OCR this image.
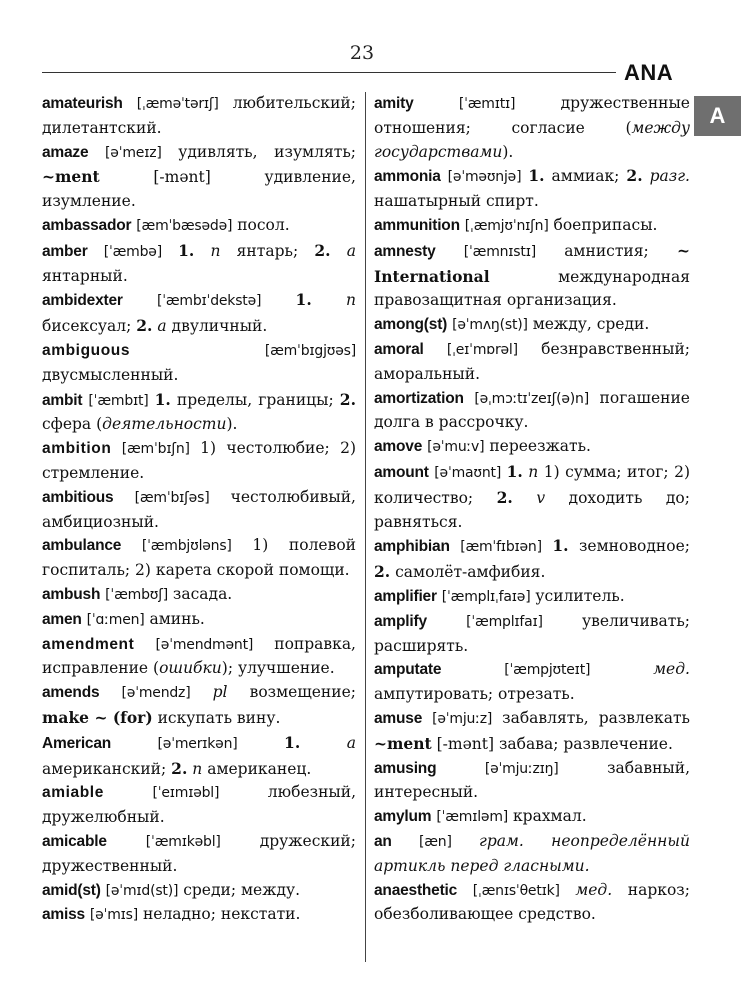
23
ANA
A

amateurish [ˌæməˈtərɪʃ] любительский; дилетантский.

amaze [əˈmeɪz] удивлять, изумлять; ~ment [-mənt] удивление, изумление.

ambassador [æmˈbæsədə] посол.

amber [ˈæmbə] 1. n янтарь; 2. a янтарный.

ambidexter [ˈæmbɪˈdekstə] 1. n бисексуал; 2. a двуличный.

ambiguous	[æmˈbɪgjʊəs] двусмысленный.

ambit [ˈæmbɪt] 1. пределы, границы; 2. сфера (деятельности).

ambition [æmˈbɪʃn] 1) честолюбие; 2) стремление.

ambitious [æmˈbɪʃəs] честолюбивый, амбициозный.

ambulance [ˈæmbjʊləns] 1) полевой госпиталь; 2) карета скорой помощи.

ambush [ˈæmbʊʃ] засада.

amen [ˈɑːmen] аминь.

amendment [əˈmendmənt] поправка, исправление (ошибки); улучшение.

amends [əˈmendz] pl возмещение; make ~ (for) искупать вину.

American	[əˈmerɪkən]	1.	a американский; 2. n американец.

amiable	[ˈeɪmɪəbl]	любезный, дружелюбный.

amicable	[ˈæmɪkəbl]	дружеский; дружественный.

amid(st) [əˈmɪd(st)] среди; между.

amiss [əˈmɪs] неладно; некстати.

amity	[ˈæmɪtɪ]	дружественные отношения; согласие (между государствами).

ammonia [əˈməʊnjə] 1. аммиак; 2. разг. нашатырный спирт.

ammunition [ˌæmjʊˈnɪʃn] боеприпасы.

amnesty [ˈæmnɪstɪ] амнистия; ~ International международная правозащитная организация.

among(st) [əˈmʌŋ(st)] между, среди.

amoral [ˌeɪˈmɒrəl] безнравственный; аморальный.

amortization [əˌmɔːtɪˈzeɪʃ(ə)n] погашение долга в рассрочку.

amove [əˈmuːv] переезжать.

amount [əˈmaʊnt] 1. n 1) сумма; итог; 2) количество; 2. v доходить до; равняться.

amphibian [æmˈfɪbɪən] 1. земноводное; 2. самолёт-амфибия.

amplifier [ˈæmplɪˌfaɪə] усилитель.

amplify	[ˈæmplɪfaɪ]	увеличивать; расширять.

amputate	[ˈæmpjʊteɪt]	мед. ампутировать; отрезать.

amuse [əˈmjuːz] забавлять, развлекать ~ment [-mənt] забава; развлечение.

amusing	[əˈmjuːzɪŋ]	забавный, интересный.

amylum [ˈæmɪləm] крахмал.

an [æn] грам. неопределённый артикль перед гласными.

anaesthetic [ˌænɪsˈθetɪk] мед. наркоз; обезболивающее средство.
